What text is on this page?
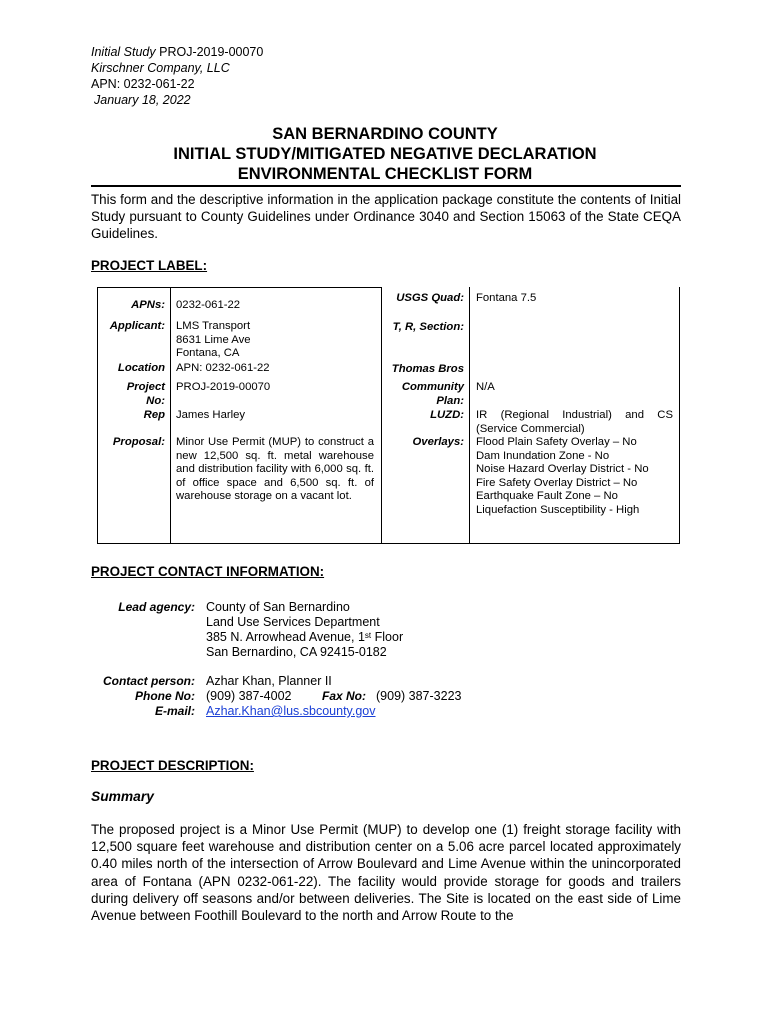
Initial Study PROJ-2019-00070
Kirschner Company, LLC
APN: 0232-061-22
January 18, 2022
SAN BERNARDINO COUNTY
INITIAL STUDY/MITIGATED NEGATIVE DECLARATION
ENVIRONMENTAL CHECKLIST FORM
This form and the descriptive information in the application package constitute the contents of Initial Study pursuant to County Guidelines under Ordinance 3040 and Section 15063 of the State CEQA Guidelines.
PROJECT LABEL:
APNs: 0232-061-22
Applicant: LMS Transport
8631 Lime Ave
Fontana, CA
Location APN: 0232-061-22
Project
No:
PROJ-2019-00070
Rep James Harley
Proposal: Minor Use Permit (MUP) to construct a new 12,500 sq. ft. metal warehouse and distribution facility with 6,000 sq. ft. of office space and 6,500 sq. ft. of warehouse storage on a vacant lot.
USGS Quad: Fontana 7.5
T, R, Section:
Thomas Bros
Community
Plan:
N/A
LUZD: IR (Regional Industrial) and CS (Service Commercial)
Overlays: Flood Plain Safety Overlay – No
Dam Inundation Zone - No
Noise Hazard Overlay District - No
Fire Safety Overlay District – No
Earthquake Fault Zone – No
Liquefaction Susceptibility - High
PROJECT CONTACT INFORMATION:
Lead agency: County of San Bernardino
Land Use Services Department
385 N. Arrowhead Avenue, 1st Floor
San Bernardino, CA 92415-0182
Contact person:
Phone No:
E-mail:
Azhar Khan, Planner II
(909) 387-4002	Fax No: (909) 387-3223
Azhar.Khan@lus.sbcounty.gov
PROJECT DESCRIPTION:
Summary
The proposed project is a Minor Use Permit (MUP) to develop one (1) freight storage facility with 12,500 square feet warehouse and distribution center on a 5.06 acre parcel located approximately 0.40 miles north of the intersection of Arrow Boulevard and Lime Avenue within the unincorporated area of Fontana (APN 0232-061-22). The facility would provide storage for goods and trailers during delivery off seasons and/or between deliveries. The Site is located on the east side of Lime Avenue between Foothill Boulevard to the north and Arrow Route to the
